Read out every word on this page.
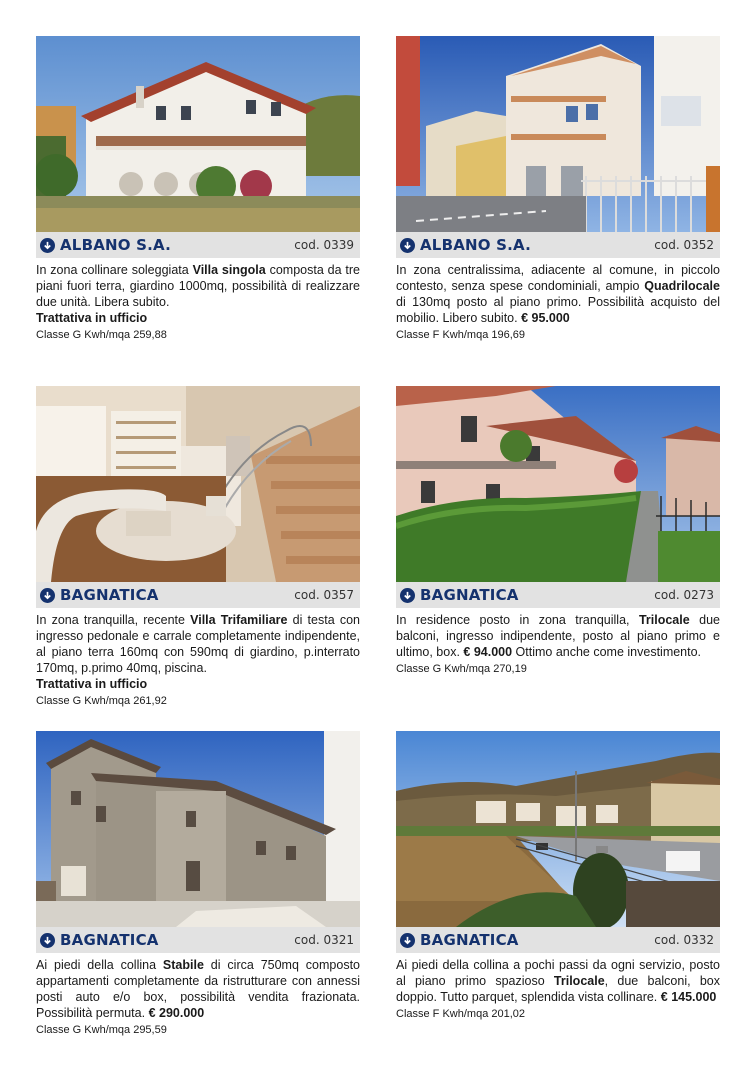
ALBANO S.A.	cod. 0339

In zona collinare soleggiata Villa singola composta da tre piani fuori terra, giardino 1000mq, possibilità di realizzare due unità. Libera subito.
Trattativa in ufficio

Classe G Kwh/mqa 259,88

ALBANO S.A.	cod. 0352

In zona centralissima, adiacente al comune, in piccolo contesto, senza spese condominiali, ampio Quadrilocale di 130mq posto al piano primo. Possibilità acquisto del mobilio. Libero subito. € 95.000

Classe F Kwh/mqa 196,69

BAGNATICA	cod. 0357

In zona tranquilla, recente Villa Trifamiliare di testa con ingresso pedonale e carrale completamente indipendente, al piano terra 160mq con 590mq di giardino, p.interrato 170mq, p.primo 40mq, piscina.
Trattativa in ufficio

Classe G Kwh/mqa 261,92

BAGNATICA	cod. 0273

In residence posto in zona tranquilla, Trilocale due balconi, ingresso indipendente, posto al piano primo e ultimo, box. € 94.000 Ottimo anche come investimento.

Classe G Kwh/mqa 270,19

BAGNATICA	cod. 0321

Ai piedi della collina Stabile di circa 750mq composto appartamenti completamente da ristrutturare con annessi posti auto e/o box, possibilità vendita frazionata. Possibilità permuta. € 290.000

Classe G Kwh/mqa 295,59

BAGNATICA	cod. 0332

Ai piedi della collina a pochi passi da ogni servizio, posto al piano primo spazioso Trilocale, due balconi, box doppio. Tutto parquet, splendida vista collinare. € 145.000

Classe F Kwh/mqa 201,02
